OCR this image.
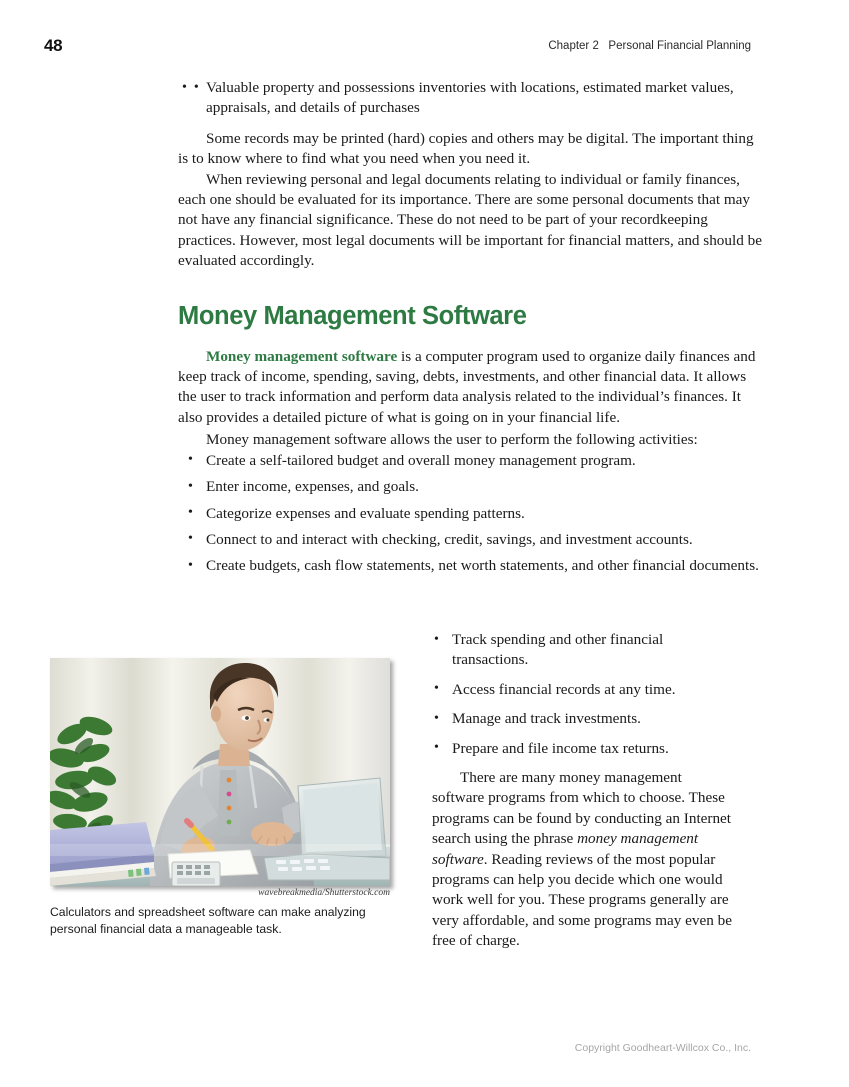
48	Chapter 2   Personal Financial Planning
•  • Valuable property and possessions inventories with locations, estimated market values, appraisals, and details of purchases

Some records may be printed (hard) copies and others may be digital. The important thing is to know where to find what you need when you need it.

When reviewing personal and legal documents relating to individual or family finances, each one should be evaluated for its importance. There are some personal documents that may not have any financial significance. These do not need to be part of your recordkeeping practices. However, most legal documents will be important for financial matters, and should be evaluated accordingly.

Money Management Software

Money management software is a computer program used to organize daily finances and keep track of income, spending, saving, debts, investments, and other financial data. It allows the user to track information and perform data analysis related to the individual’s finances. It also provides a detailed picture of what is going on in your financial life.

Money management software allows the user to perform the following activities:

• Create a self-tailored budget and overall money management program.
• Enter income, expenses, and goals.
• Categorize expenses and evaluate spending patterns.
• Connect to and interact with checking, credit, savings, and investment accounts.
• Create budgets, cash flow statements, net worth statements, and other financial documents.
• Track spending and other financial transactions.
• Access financial records at any time.
• Manage and track investments.
• Prepare and file income tax returns.

There are many money management software programs from which to choose. These programs can be found by conducting an Internet search using the phrase money management software. Reading reviews of the most popular programs can help you decide which one would work well for you. These programs generally are very affordable, and some programs may even be free of charge.

wavebreakmedia/Shutterstock.com
Calculators and spreadsheet software can make analyzing personal financial data a manageable task.
Copyright Goodheart-Willcox Co., Inc.
